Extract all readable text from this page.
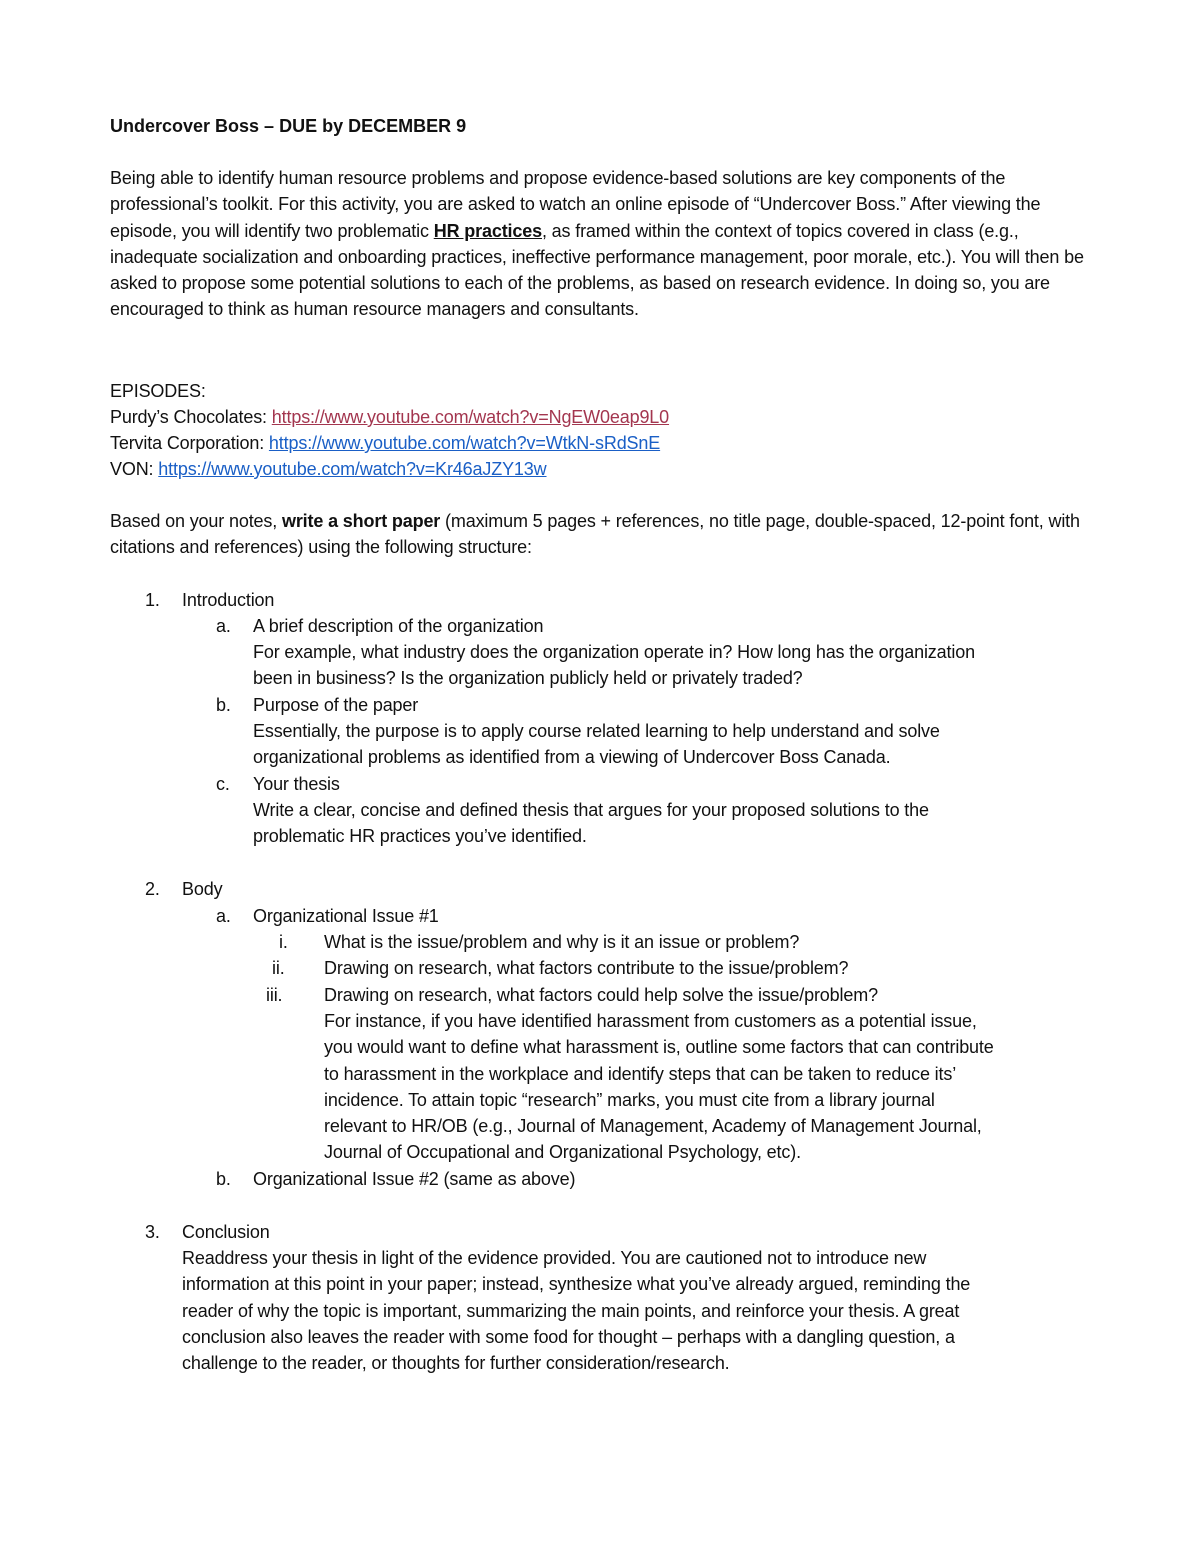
Undercover Boss – DUE by DECEMBER 9
Being able to identify human resource problems and propose evidence-based solutions are key components of the professional’s toolkit. For this activity, you are asked to watch an online episode of “Undercover Boss.” After viewing the episode, you will identify two problematic HR practices, as framed within the context of topics covered in class (e.g., inadequate socialization and onboarding practices, ineffective performance management, poor morale, etc.). You will then be asked to propose some potential solutions to each of the problems, as based on research evidence. In doing so, you are encouraged to think as human resource managers and consultants.
EPISODES:
Purdy’s Chocolates: https://www.youtube.com/watch?v=NgEW0eap9L0
Tervita Corporation: https://www.youtube.com/watch?v=WtkN-sRdSnE
VON: https://www.youtube.com/watch?v=Kr46aJZY13w
Based on your notes, write a short paper (maximum 5 pages + references, no title page, double-spaced, 12-point font, with citations and references) using the following structure:
1. Introduction
a. A brief description of the organization
For example, what industry does the organization operate in? How long has the organization
been in business? Is the organization publicly held or privately traded?
b. Purpose of the paper
Essentially, the purpose is to apply course related learning to help understand and solve
organizational problems as identified from a viewing of Undercover Boss Canada.
c. Your thesis
Write a clear, concise and defined thesis that argues for your proposed solutions to the
problematic HR practices you’ve identified.
2. Body
a. Organizational Issue #1
i. What is the issue/problem and why is it an issue or problem?
ii. Drawing on research, what factors contribute to the issue/problem?
iii. Drawing on research, what factors could help solve the issue/problem?
For instance, if you have identified harassment from customers as a potential issue,
you would want to define what harassment is, outline some factors that can contribute
to harassment in the workplace and identify steps that can be taken to reduce its’
incidence. To attain topic “research” marks, you must cite from a library journal
relevant to HR/OB (e.g., Journal of Management, Academy of Management Journal,
Journal of Occupational and Organizational Psychology, etc).
b. Organizational Issue #2 (same as above)
3. Conclusion
Readdress your thesis in light of the evidence provided. You are cautioned not to introduce new
information at this point in your paper; instead, synthesize what you’ve already argued, reminding the
reader of why the topic is important, summarizing the main points, and reinforce your thesis. A great
conclusion also leaves the reader with some food for thought – perhaps with a dangling question, a
challenge to the reader, or thoughts for further consideration/research.
